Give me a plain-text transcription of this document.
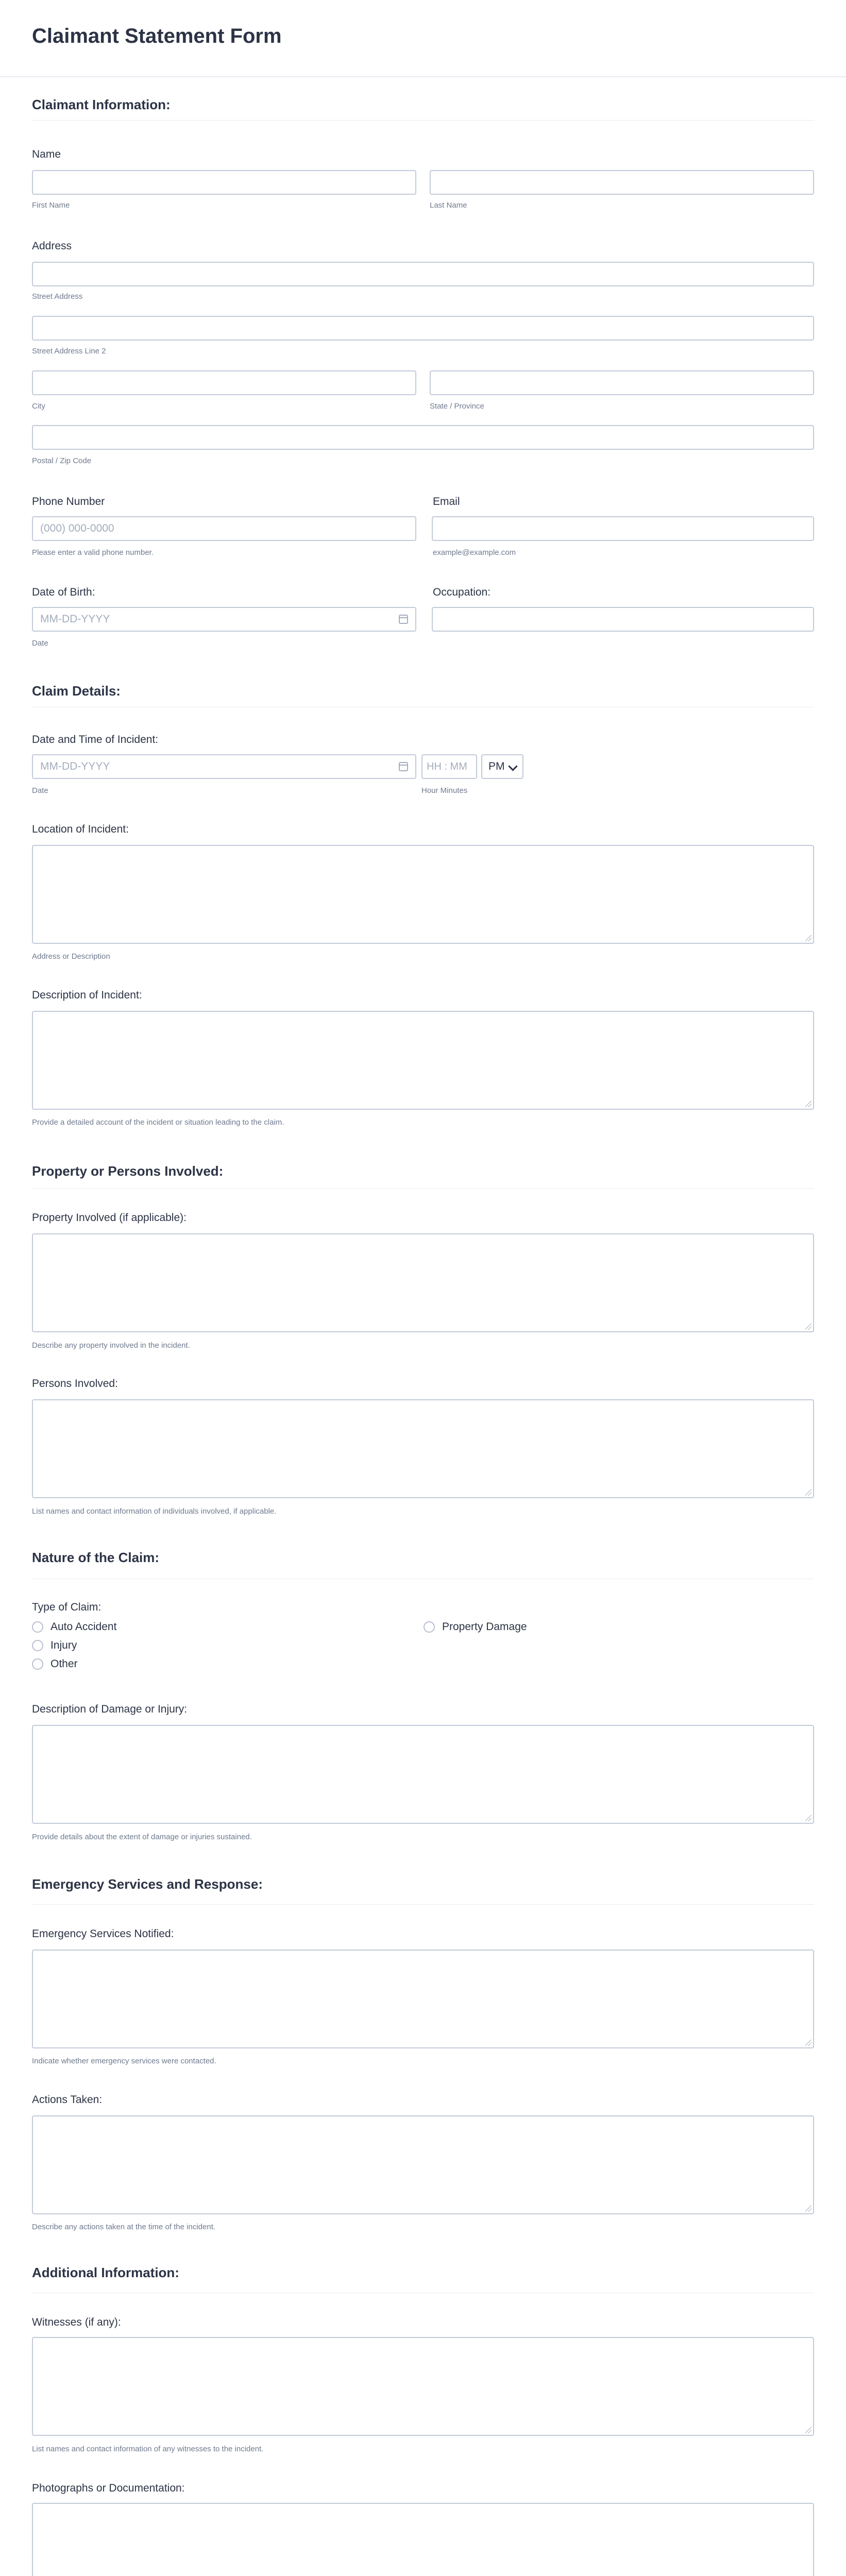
Claimant Statement Form
Claimant Information:
Name
First Name	Last Name
Address
Street Address
Street Address Line 2
City	State / Province
Postal / Zip Code
Phone Number
(000) 000-0000
Please enter a valid phone number.
Email
example@example.com
Date of Birth:
MM-DD-YYYY
Date
Occupation:
Claim Details:
Date and Time of Incident:
MM-DD-YYYY	HH : MM	PM
Date	Hour Minutes
Location of Incident:
Address or Description
Description of Incident:
Provide a detailed account of the incident or situation leading to the claim.
Property or Persons Involved:
Property Involved (if applicable):
Describe any property involved in the incident.
Persons Involved:
List names and contact information of individuals involved, if applicable.
Nature of the Claim:
Type of Claim:
Auto Accident	Property Damage
Injury
Other
Description of Damage or Injury:
Provide details about the extent of damage or injuries sustained.
Emergency Services and Response:
Emergency Services Notified:
Indicate whether emergency services were contacted.
Actions Taken:
Describe any actions taken at the time of the incident.
Additional Information:
Witnesses (if any):
List names and contact information of any witnesses to the incident.
Photographs or Documentation:
